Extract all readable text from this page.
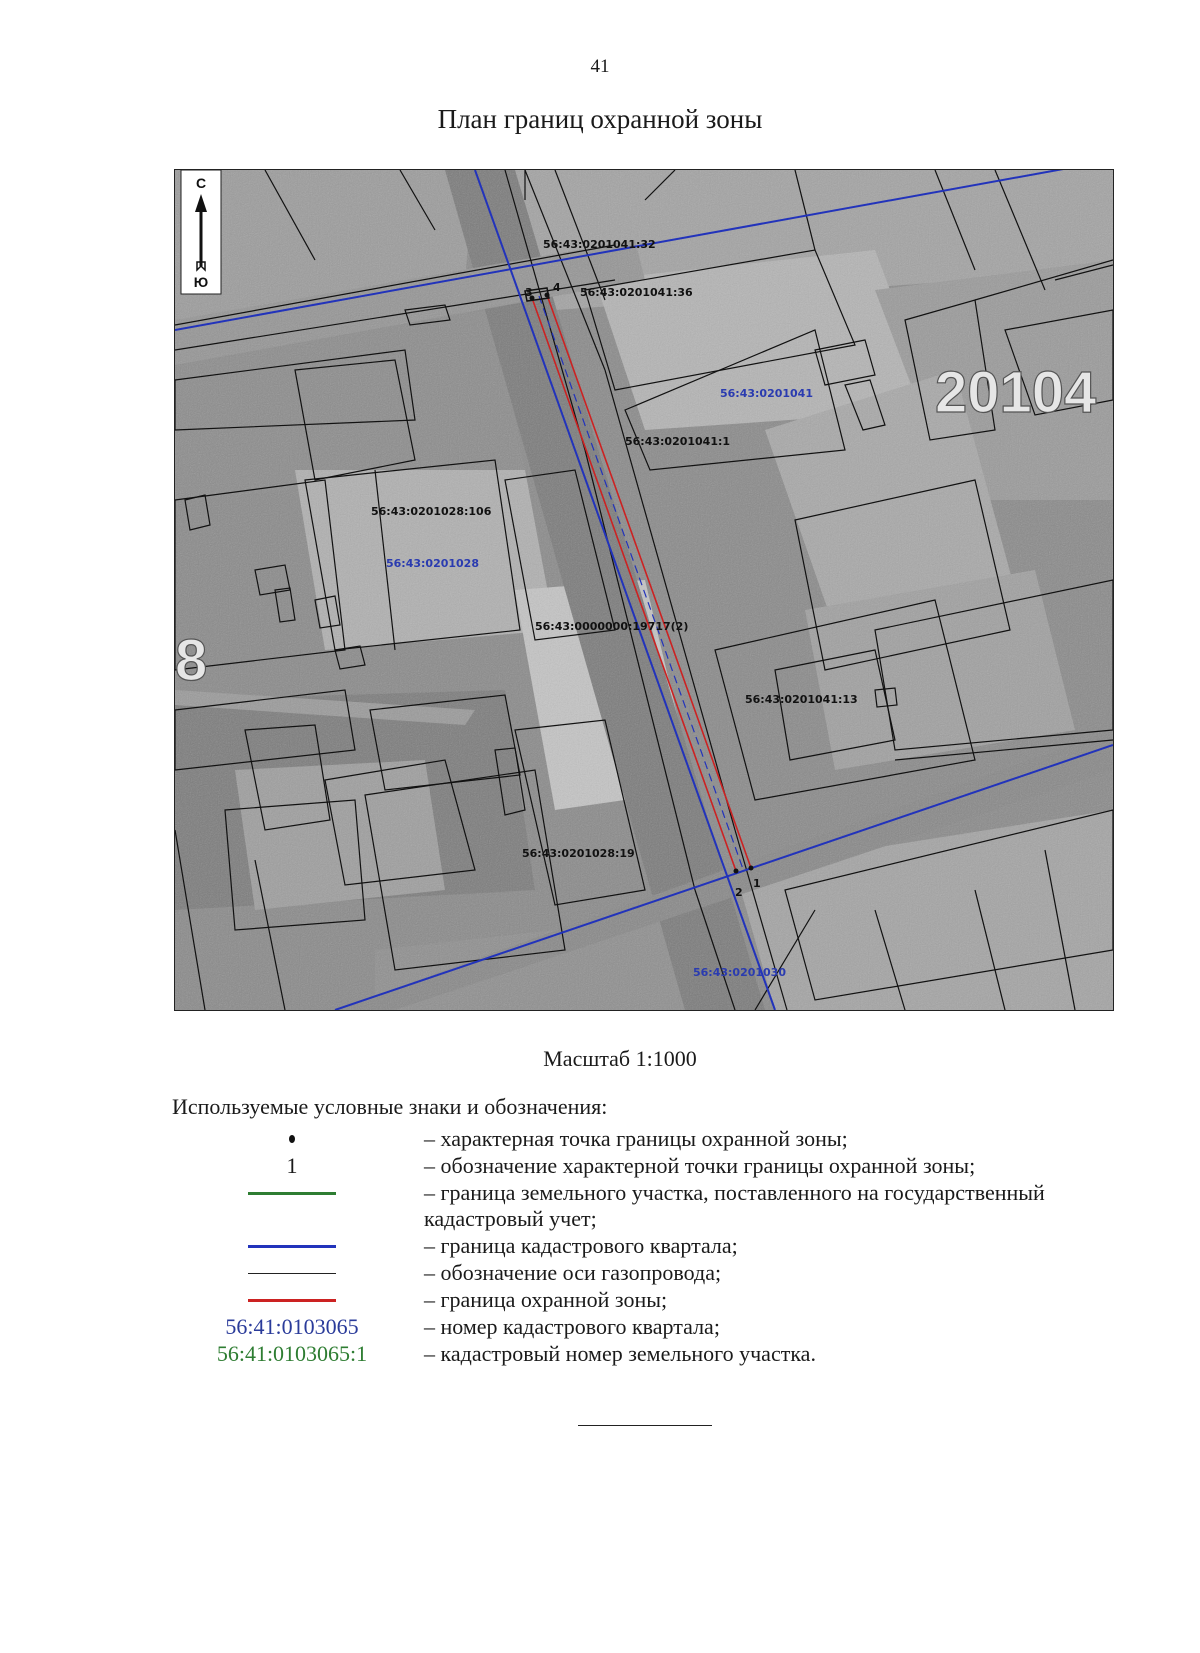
41
План границ охранной зоны
С
Ю
20104
8
56:43:0201041:32
56:43:0201041:36
56:43:0201041:1
56:43:0201028:106
56:43:0000000:19717(2)
56:43:0201041:13
56:43:0201028:19
56:43:0201041
56:43:0201028
56:43:0201030
1
2
3 4
Масштаб 1:1000
Используемые условные знаки и обозначения:
– характерная точка границы охранной зоны;
1	– обозначение характерной точки границы охранной зоны;
– граница земельного участка, поставленного на государственный кадастровый учет;
– граница кадастрового квартала;
– обозначение оси газопровода;
– граница охранной зоны;
56:41:0103065	– номер кадастрового квартала;
56:41:0103065:1	– кадастровый номер земельного участка.
